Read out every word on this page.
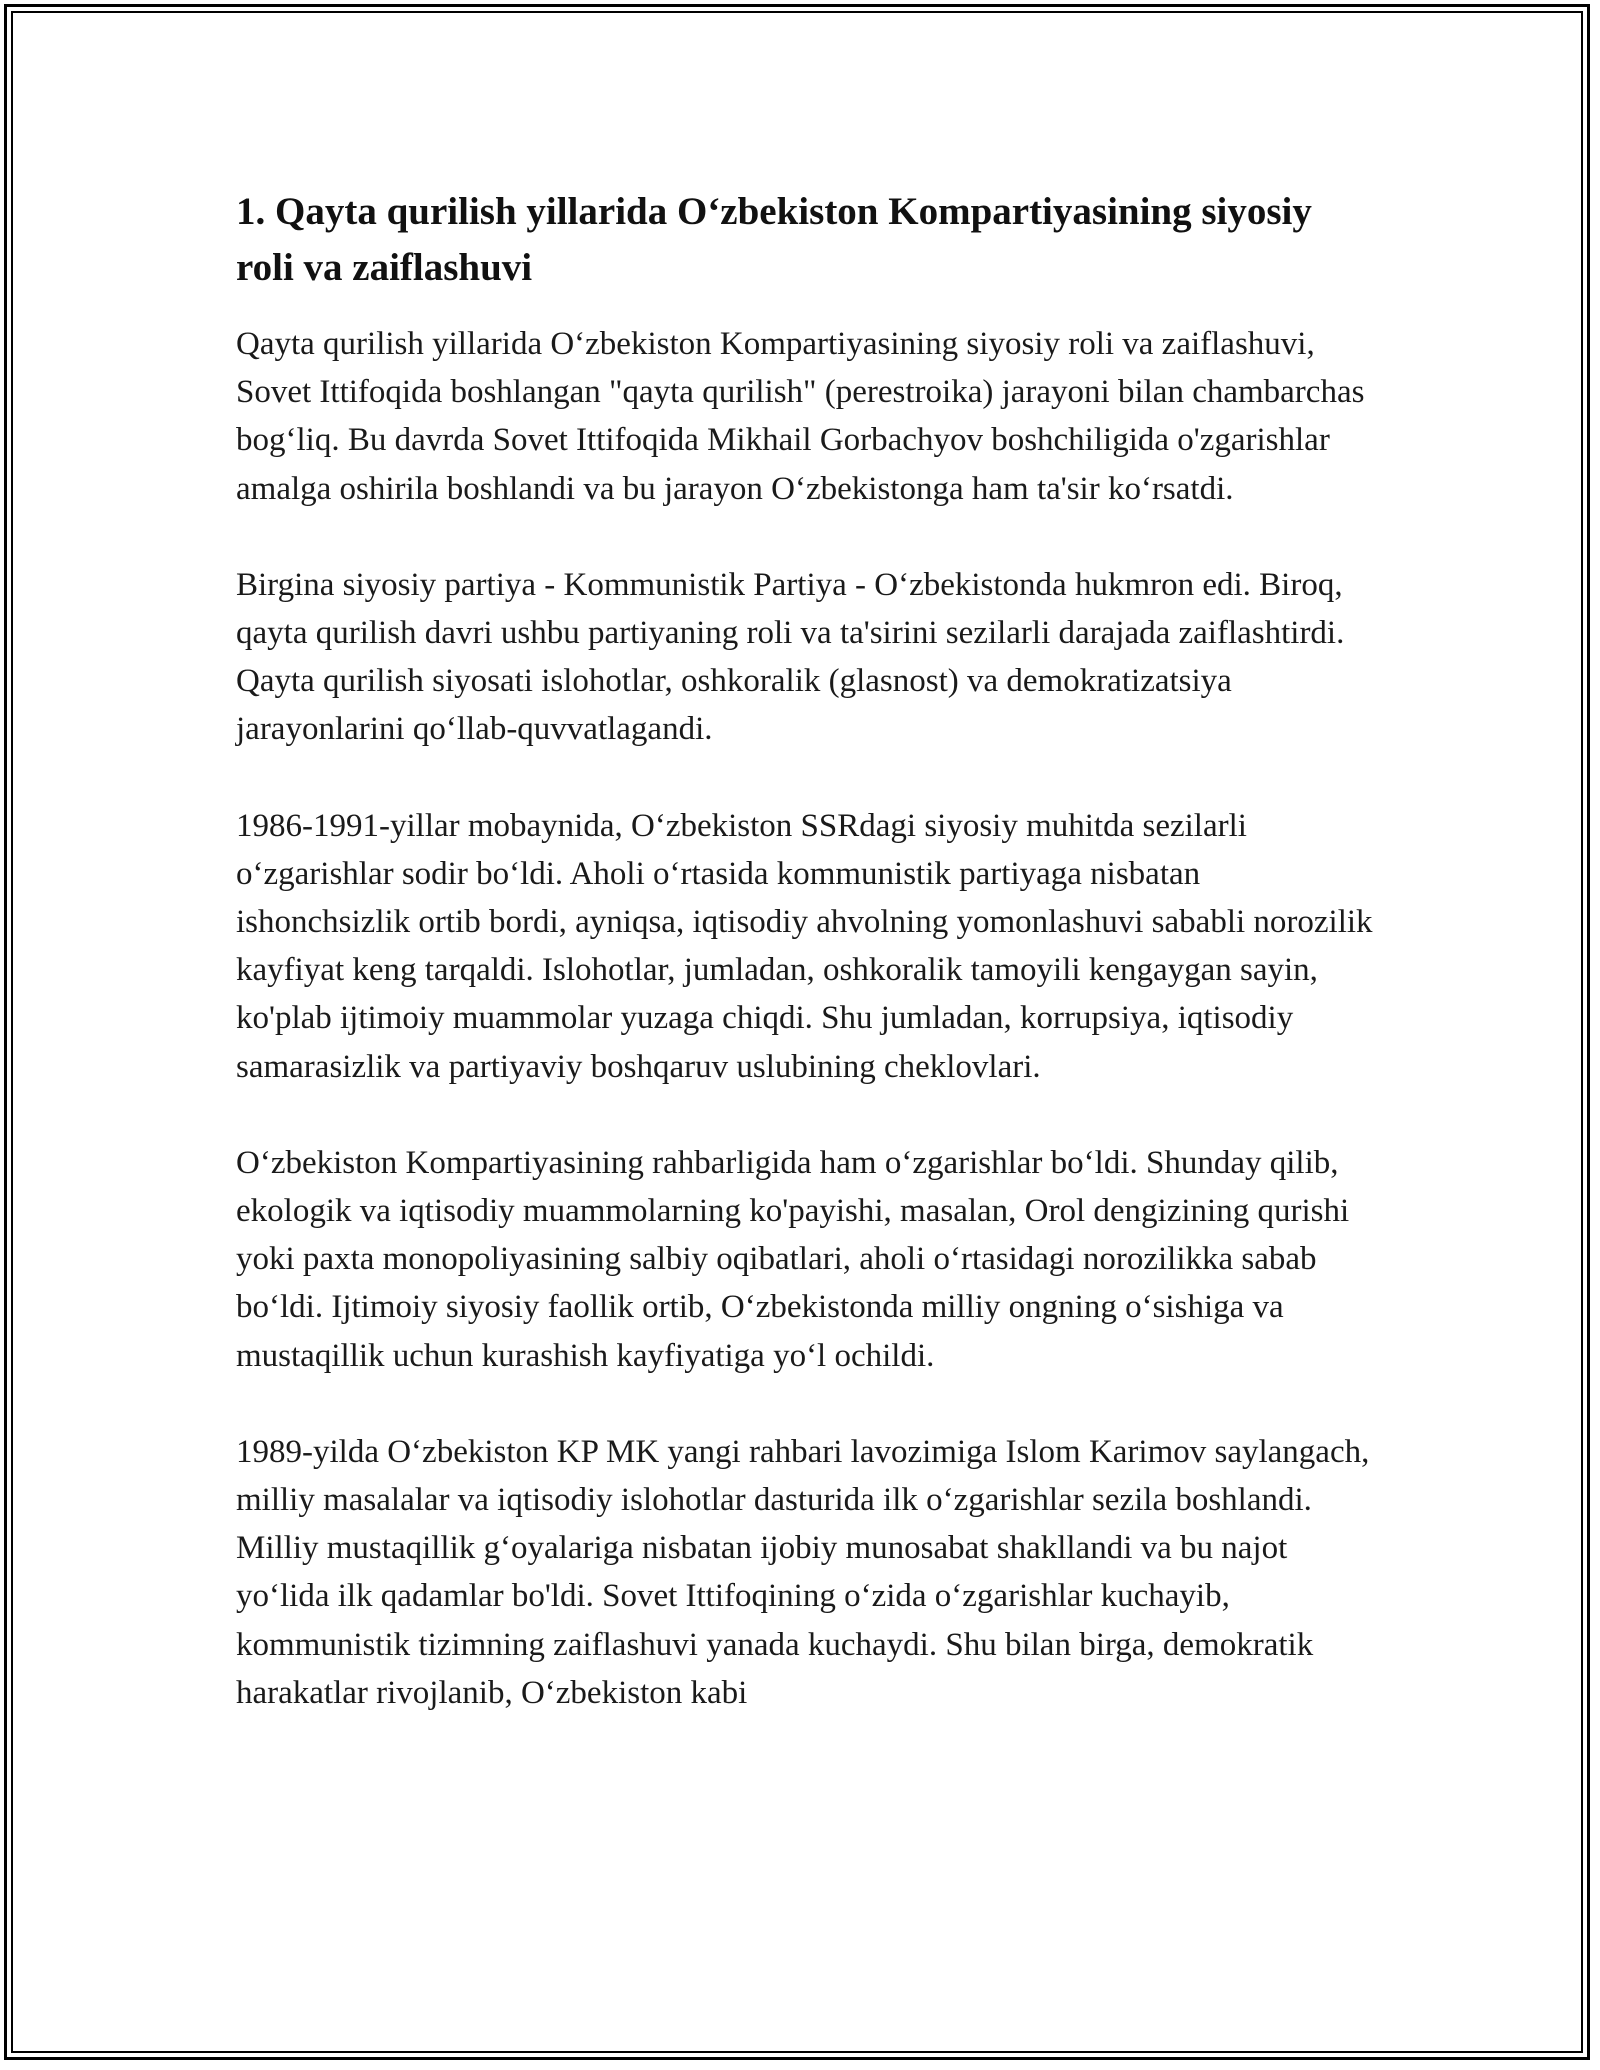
1. Qayta qurilish yillarida O‘zbekiston Kompartiyasining siyosiy roli va zaiflashuvi

Qayta qurilish yillarida O‘zbekiston Kompartiyasining siyosiy roli va zaiflashuvi, Sovet Ittifoqida boshlangan "qayta qurilish" (perestroika) jarayoni bilan chambarchas bog‘liq. Bu davrda Sovet Ittifoqida Mikhail Gorbachyov boshchiligida o'zgarishlar amalga oshirila boshlandi va bu jarayon O‘zbekistonga ham ta'sir ko‘rsatdi.

Birgina siyosiy partiya - Kommunistik Partiya - O‘zbekistonda hukmron edi. Biroq, qayta qurilish davri ushbu partiyaning roli va ta'sirini sezilarli darajada zaiflashtirdi. Qayta qurilish siyosati islohotlar, oshkoralik (glasnost) va demokratizatsiya jarayonlarini qo‘llab-quvvatlagandi.

1986-1991-yillar mobaynida, O‘zbekiston SSRdagi siyosiy muhitda sezilarli o‘zgarishlar sodir bo‘ldi. Aholi o‘rtasida kommunistik partiyaga nisbatan ishonchsizlik ortib bordi, ayniqsa, iqtisodiy ahvolning yomonlashuvi sababli norozilik kayfiyat keng tarqaldi. Islohotlar, jumladan, oshkoralik tamoyili kengaygan sayin, ko'plab ijtimoiy muammolar yuzaga chiqdi. Shu jumladan, korrupsiya, iqtisodiy samarasizlik va partiyaviy boshqaruv uslubining cheklovlari.

O‘zbekiston Kompartiyasining rahbarligida ham o‘zgarishlar bo‘ldi. Shunday qilib, ekologik va iqtisodiy muammolarning ko'payishi, masalan, Orol dengizining qurishi yoki paxta monopoliyasining salbiy oqibatlari, aholi o‘rtasidagi norozilikka sabab bo‘ldi. Ijtimoiy siyosiy faollik ortib, O‘zbekistonda milliy ongning o‘sishiga va mustaqillik uchun kurashish kayfiyatiga yo‘l ochildi.

1989-yilda O‘zbekiston KP MK yangi rahbari lavozimiga Islom Karimov saylangach, milliy masalalar va iqtisodiy islohotlar dasturida ilk o‘zgarishlar sezila boshlandi. Milliy mustaqillik g‘oyalariga nisbatan ijobiy munosabat shakllandi va bu najot yo‘lida ilk qadamlar bo'ldi. Sovet Ittifoqining o‘zida o‘zgarishlar kuchayib, kommunistik tizimning zaiflashuvi yanada kuchaydi. Shu bilan birga, demokratik harakatlar rivojlanib, O‘zbekiston kabi
